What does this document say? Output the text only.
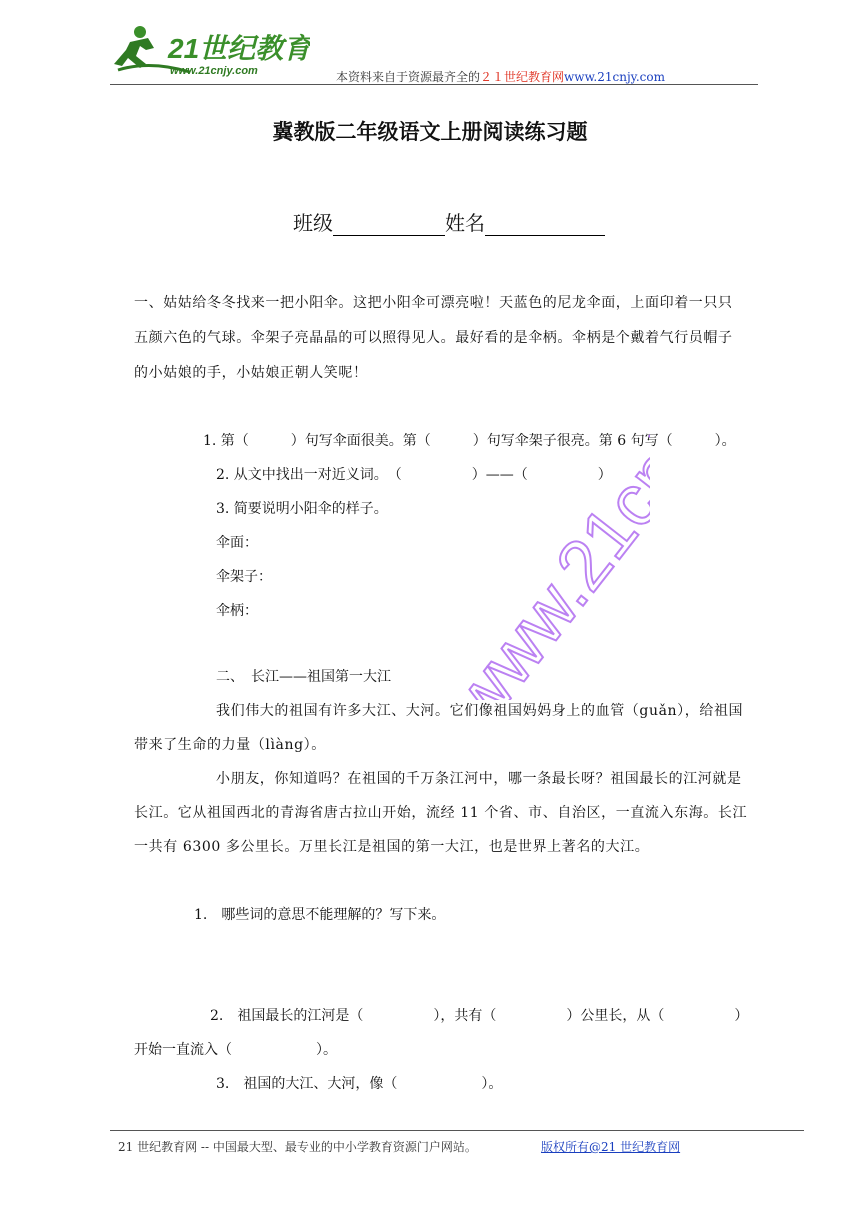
21世纪教育
www.21cnjy.com	本资料来自于资源最齐全的２１世纪教育网www.21cnjy.com
冀教版二年级语文上册阅读练习题
班级	姓名
一、姑姑给冬冬找来一把小阳伞。这把小阳伞可漂亮啦！天蓝色的尼龙伞面，上面印着一只只
五颜六色的气球。伞架子亮晶晶的可以照得见人。最好看的是伞柄。伞柄是个戴着气行员帽子
的小姑娘的手，小姑娘正朝人笑呢！
1. 第（　　　）句写伞面很美。第（　　　）句写伞架子很亮。第 6 句写（　　　）。
2. 从文中找出一对近义词。　（　　　　　）——（　　　　　）
3. 简要说明小阳伞的样子。
伞面：
伞架子：
伞柄：
二、　长江——祖国第一大江
我们伟大的祖国有许多大江、大河。它们像祖国妈妈身上的血管（guǎn），给祖国
带来了生命的力量（lìàng）。
小朋友，你知道吗？在祖国的千万条江河中，哪一条最长呀？祖国最长的江河就是
长江。它从祖国西北的青海省唐古拉山开始，流经 11 个省、市、自治区，一直流入东海。长江
一共有 6300 多公里长。万里长江是祖国的第一大江，也是世界上著名的大江。
1.　哪些词的意思不能理解的？写下来。
2.　祖国最长的江河是（　　　　　），共有（　　　　　）公里长，从（　　　　　）
开始一直流入（　　　　　　）。
3.　祖国的大江、大河，像（　　　　　　）。
www.21cnjy.com
21 世纪教育网 -- 中国最大型、最专业的中小学教育资源门户网站。	版权所有@21 世纪教育网
